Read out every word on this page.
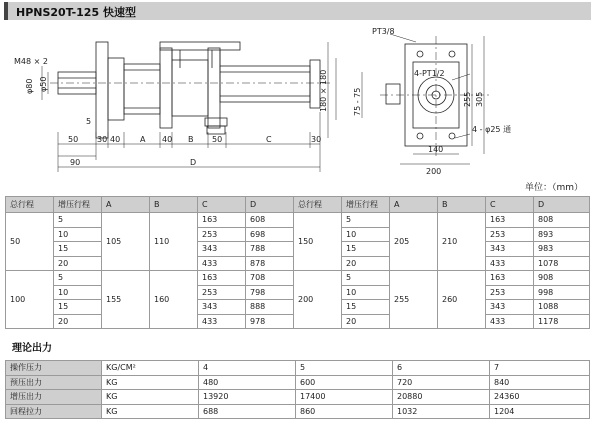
HPNS20T-125 快速型
M48 × 2
φ80 φ50
5
50 30 40 A 40 B 50	C	30
90	D
180 × 180	75 - 75	255 305
PT3/8
4-PT1/2
140
200
4 - φ25 通
单位：（mm）
总行程	增压行程	A	B	C	D	总行程	增压行程	A	B	C	D
50	5	105	110	163	608	150	5	205	210	163	808
	10			253	698		10			253	893
	15			343	788		15			343	983
	20			433	878		20			433	1078
100	5	155	160	163	708	200	5	255	260	163	908
	10			253	798		10			253	998
	15			343	888		15			343	1088
	20			433	978		20			433	1178
理论出力
操作压力	KG/CM²	4	5	6	7
预压出力	KG	480	600	720	840
增压出力	KG	13920	17400	20880	24360
回程拉力	KG	688	860	1032	1204
